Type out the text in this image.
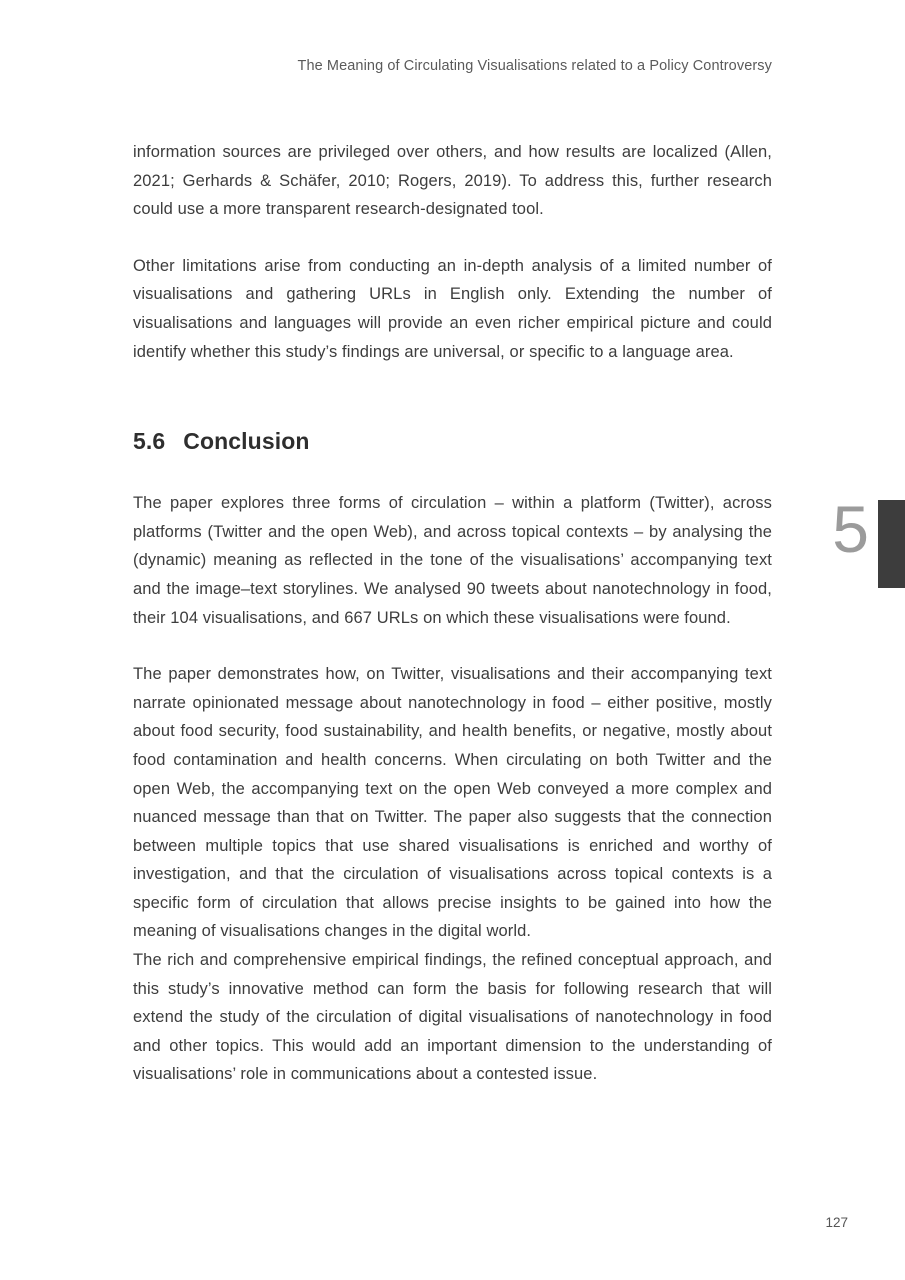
The Meaning of Circulating Visualisations related to a Policy Controversy

information sources are privileged over others, and how results are localized (Allen, 2021; Gerhards & Schäfer, 2010; Rogers, 2019). To address this, further research could use a more transparent research-designated tool.

Other limitations arise from conducting an in-depth analysis of a limited number of visualisations and gathering URLs in English only. Extending the number of visualisations and languages will provide an even richer empirical picture and could identify whether this study’s findings are universal, or specific to a language area.

5.6 Conclusion

The paper explores three forms of circulation – within a platform (Twitter), across platforms (Twitter and the open Web), and across topical contexts – by analysing the (dynamic) meaning as reflected in the tone of the visualisations’ accompanying text and the image–text storylines. We analysed 90 tweets about nanotechnology in food, their 104 visualisations, and 667 URLs on which these visualisations were found.

The paper demonstrates how, on Twitter, visualisations and their accompanying text narrate opinionated message about nanotechnology in food – either positive, mostly about food security, food sustainability, and health benefits, or negative, mostly about food contamination and health concerns. When circulating on both Twitter and the open Web, the accompanying text on the open Web conveyed a more complex and nuanced message than that on Twitter. The paper also suggests that the connection between multiple topics that use shared visualisations is enriched and worthy of investigation, and that the circulation of visualisations across topical contexts is a specific form of circulation that allows precise insights to be gained into how the meaning of visualisations changes in the digital world.

The rich and comprehensive empirical findings, the refined conceptual approach, and this study’s innovative method can form the basis for following research that will extend the study of the circulation of digital visualisations of nanotechnology in food and other topics. This would add an important dimension to the understanding of visualisations’ role in communications about a contested issue.

5
127
